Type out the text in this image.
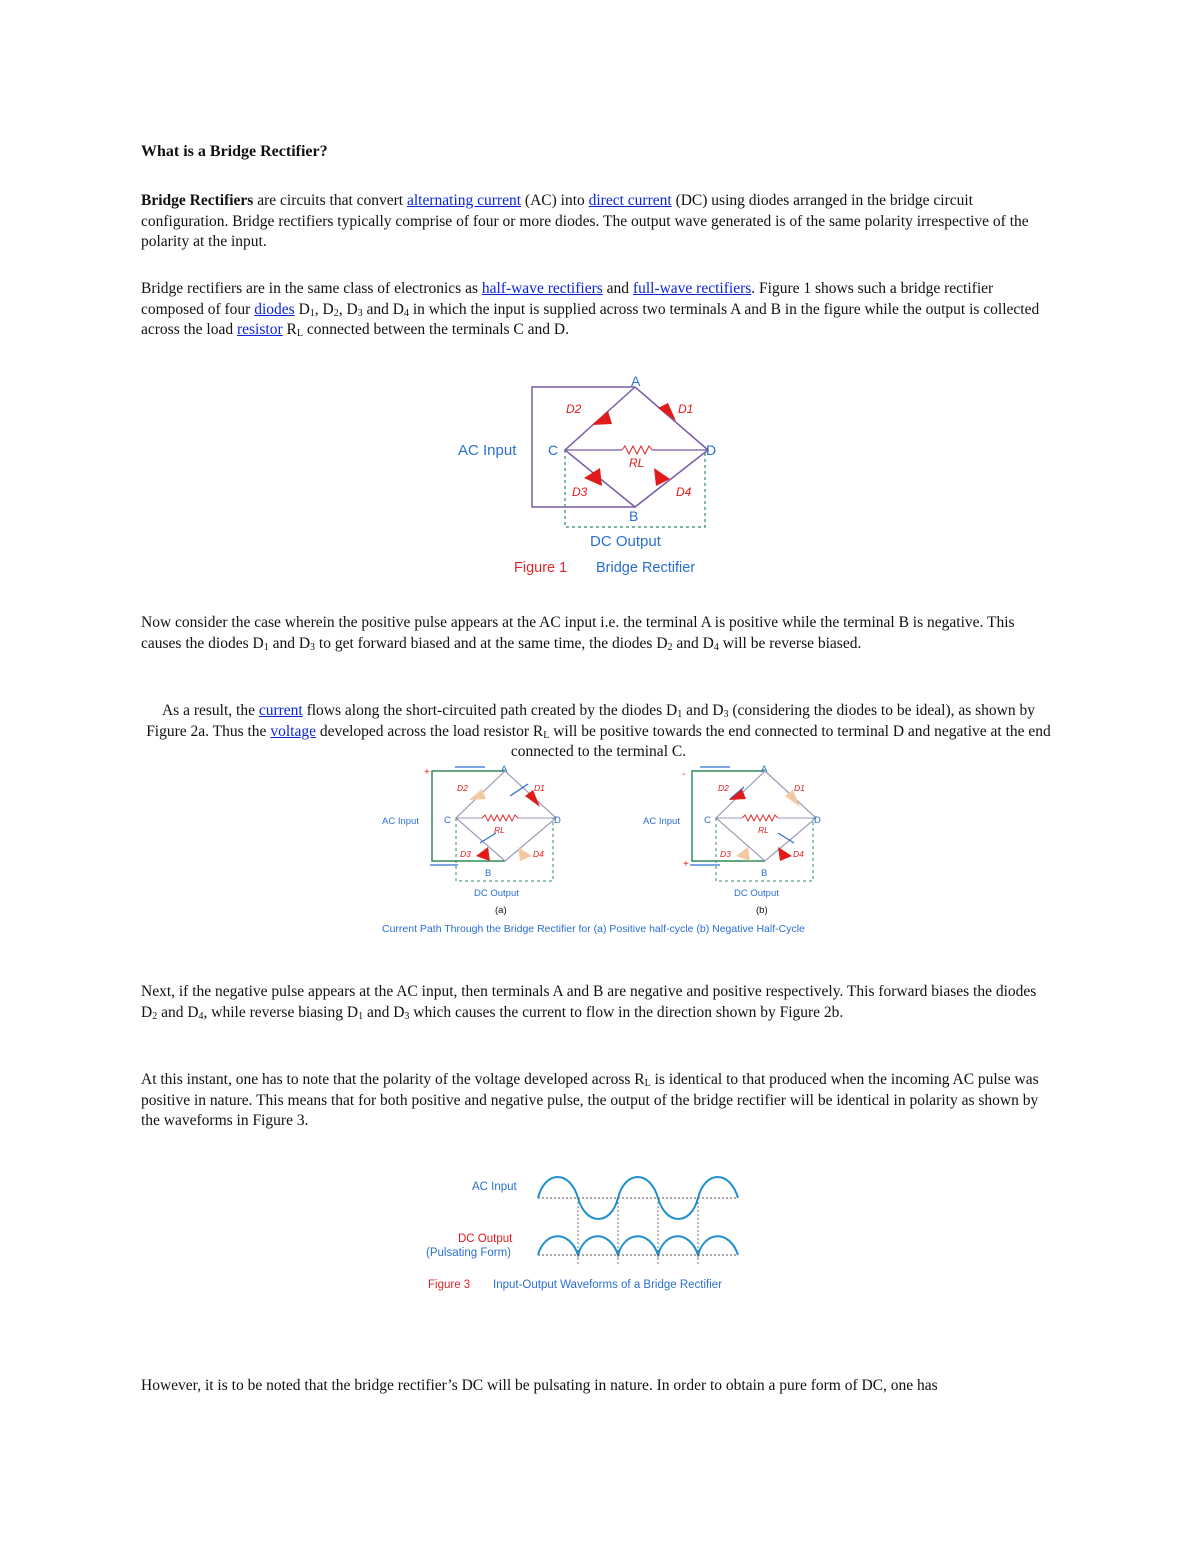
What is a Bridge Rectifier?

Bridge Rectifiers are circuits that convert alternating current (AC) into direct current (DC) using diodes arranged in the bridge circuit configuration. Bridge rectifiers typically comprise of four or more diodes. The output wave generated is of the same polarity irrespective of the polarity at the input.

Bridge rectifiers are in the same class of electronics as half-wave rectifiers and full-wave rectifiers. Figure 1 shows such a bridge rectifier composed of four diodes $D_1$, $D_2$, $D_3$ and $D_4$ in which the input is supplied across two terminals A and B in the figure while the output is collected across the load resistor $R_L$ connected between the terminals C and D.

A
C	D
B
AC Input
DC Output
D2	D1
D3	D4
RL
Figure 1 Bridge Rectifier

Now consider the case wherein the positive pulse appears at the AC input i.e. the terminal A is positive while the terminal B is negative. This causes the diodes $D_1$ and $D_3$ to get forward biased and at the same time, the diodes $D_2$ and $D_4$ will be reverse biased.

As a result, the current flows along the short-circuited path created by the diodes $D_1$ and $D_3$ (considering the diodes to be ideal), as shown by Figure 2a. Thus the voltage developed across the load resistor $R_L$ will be positive towards the end connected to terminal D and negative at the end connected to the terminal C.

A
C	D
B
AC Input
DC Output
(a)
D2	D1
D3	D4
RL
+	A
C	D
B
AC Input
DC Output
(b)
D2	D1
D3	D4
RL
-
+
Current Path Through the Bridge Rectifier for (a) Positive half-cycle (b) Negative Half-Cycle

Next, if the negative pulse appears at the AC input, then terminals A and B are negative and positive respectively. This forward biases the diodes $D_2$ and $D_4$, while reverse biasing $D_1$ and $D_3$ which causes the current to flow in the direction shown by Figure 2b.

At this instant, one has to note that the polarity of the voltage developed across $R_L$ is identical to that produced when the incoming AC pulse was positive in nature. This means that for both positive and negative pulse, the output of the bridge rectifier will be identical in polarity as shown by the waveforms in Figure 3.

AC Input
DC Output
(Pulsating Form)
Figure 3 Input-Output Waveforms of a Bridge Rectifier

However, it is to be noted that the bridge rectifier’s DC will be pulsating in nature. In order to obtain a pure form of DC, one has
